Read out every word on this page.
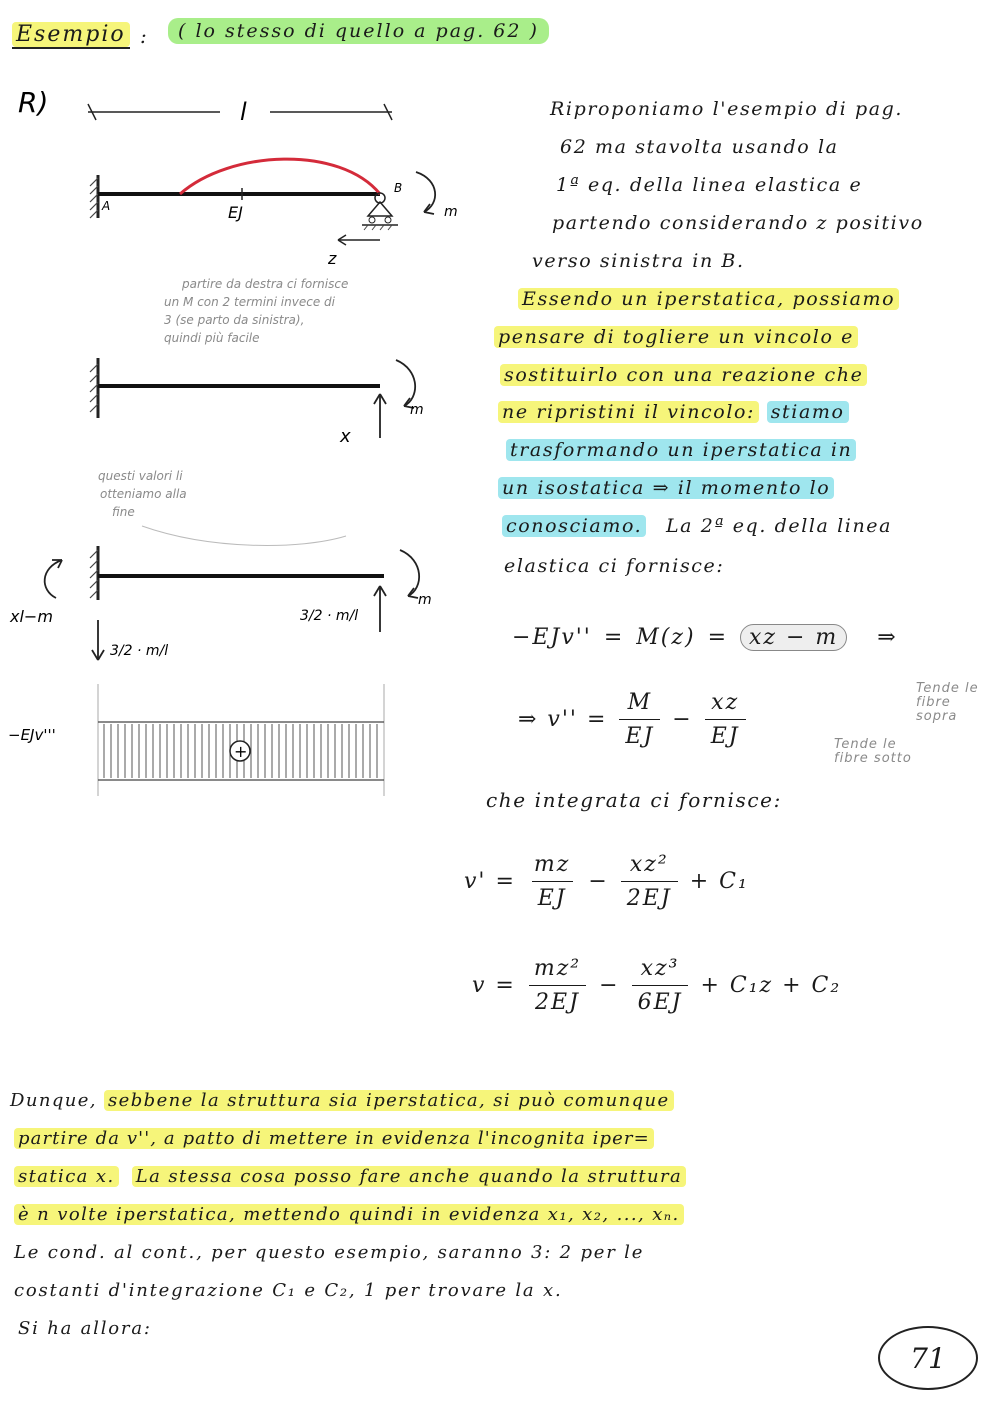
Esempio :	( lo stesso di quello a pag. 62 )
R)	l
A
B
EJ	m
z
partire da destra ci fornisce
un M con 2 termini invece di
3 (se parto da sinistra),
quindi più facile
m
x
questi valori li
otteniamo alla
fine
xl−m
m
3/2 · m/l
3/2 · m/l
+
−EJv'''
Riproponiamo l'esempio di pag.
62 ma stavolta usando la
1ª eq. della linea elastica e
partendo considerando z positivo
verso sinistra in B.
Essendo un iperstatica, possiamo
pensare di togliere un vincolo e
sostituirlo con una reazione che
ne ripristini il vincolo: stiamo
trasformando un iperstatica in
un isostatica ⇒ il momento lo
conosciamo. La 2ª eq. della linea
elastica ci fornisce:
−EJv'' = M(z) = xz − m	⇒
Tende le
fibre
sopra
Tende le
fibre sotto
⇒ $v'' = \frac{M}{EJ} - \frac{xz}{EJ}$
che integrata ci fornisce:
$v' = \frac{mz}{EJ} - \frac{\text{xz²}}{2EJ} + C_1$
$v = \frac{\text{mz²}}{2EJ} - \frac{\text{xz³}}{6EJ} + C_1z + C_2$
Dunque, sebbene la struttura sia iperstatica, si può comunque
partire da v'', a patto di mettere in evidenza l'incognita iper=
statica x. La stessa cosa posso fare anche quando la struttura
è n volte iperstatica, mettendo quindi in evidenza x₁, x₂, ..., xₙ.
Le cond. al cont., per questo esempio, saranno 3: 2 per le
costanti d'integrazione C₁ e C₂, 1 per trovare la x.
Si ha allora:
71
